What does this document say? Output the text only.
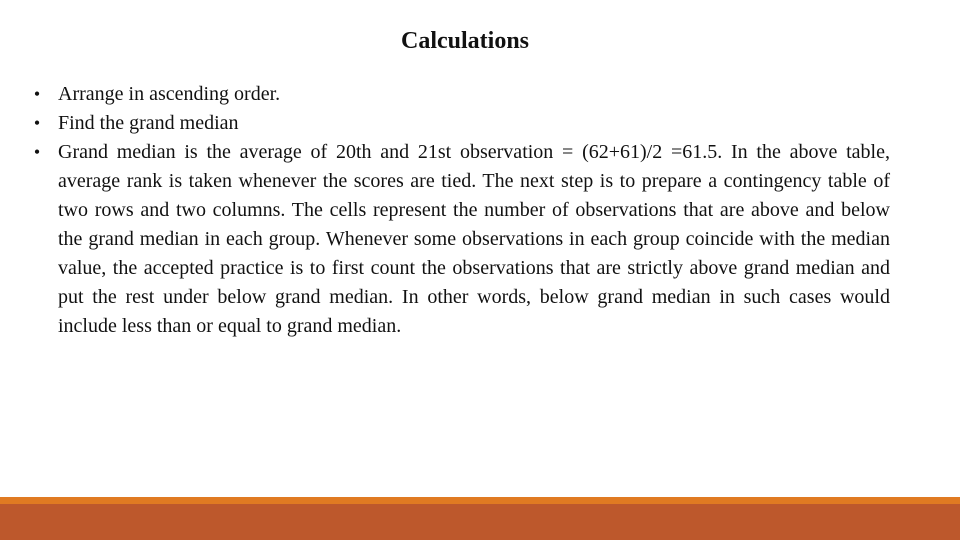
Calculations
• Arrange in ascending order.
• Find the grand median
• Grand median is the average of 20th and 21st observation = (62+61)/2 =61.5. In the above table, average rank is taken whenever the scores are tied. The next step is to prepare a contingency table of two rows and two columns. The cells represent the number of observations that are above and below the grand median in each group. Whenever some observations in each group coincide with the median value, the accepted practice is to first count the observations that are strictly above grand median and put the rest under below grand median. In other words, below grand median in such cases would include less than or equal to grand median.
